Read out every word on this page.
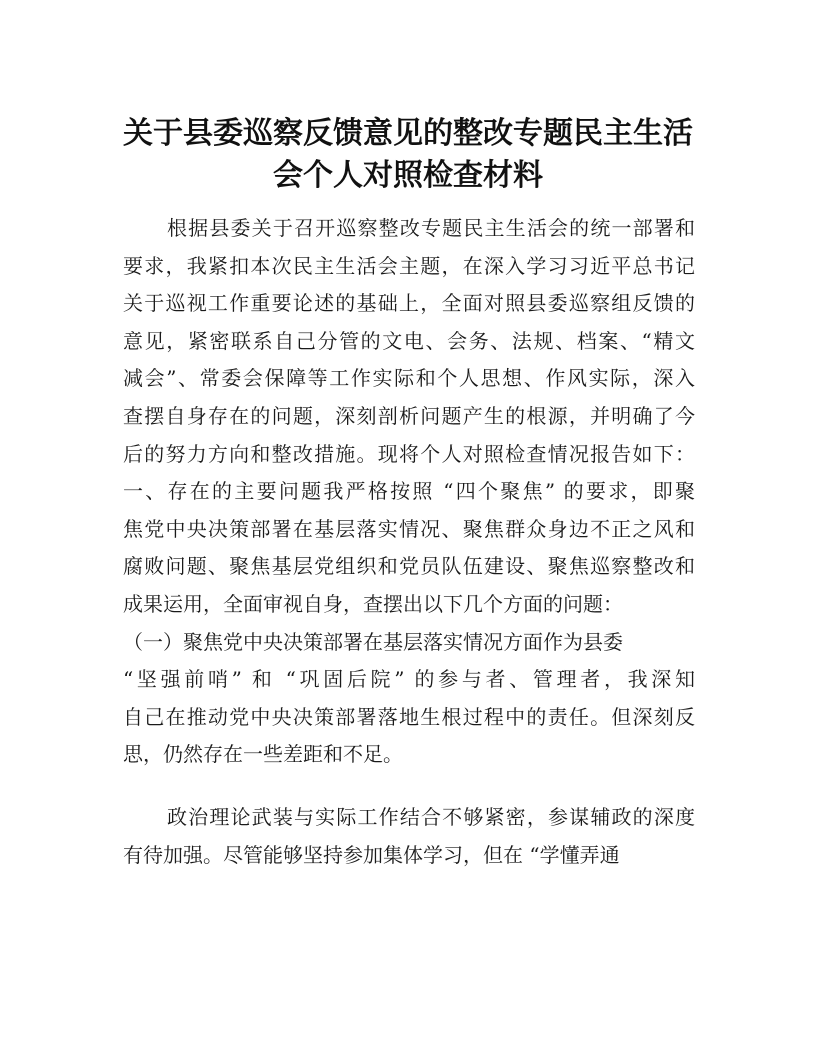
关于县委巡察反馈意见的整改专题民主生活
会个人对照检查材料
根据县委关于召开巡察整改专题民主生活会的统一部署和
要求，我紧扣本次民主生活会主题，在深入学习习近平总书记
关于巡视工作重要论述的基础上，全面对照县委巡察组反馈的
意见，紧密联系自己分管的文电、会务、法规、档案、“精文
减会”、常委会保障等工作实际和个人思想、作风实际，深入
查摆自身存在的问题，深刻剖析问题产生的根源，并明确了今
后的努力方向和整改措施。现将个人对照检查情况报告如下：
一、存在的主要问题我严格按照 “四个聚焦” 的要求，即聚
焦党中央决策部署在基层落实情况、聚焦群众身边不正之风和
腐败问题、聚焦基层党组织和党员队伍建设、聚焦巡察整改和
成果运用，全面审视自身，查摆出以下几个方面的问题：
（一）聚焦党中央决策部署在基层落实情况方面作为县委
“坚强前哨” 和 “巩固后院” 的参与者、管理者，我深知
自己在推动党中央决策部署落地生根过程中的责任。但深刻反
思，仍然存在一些差距和不足。
政治理论武装与实际工作结合不够紧密，参谋辅政的深度
有待加强。尽管能够坚持参加集体学习，但在 “学懂弄通
